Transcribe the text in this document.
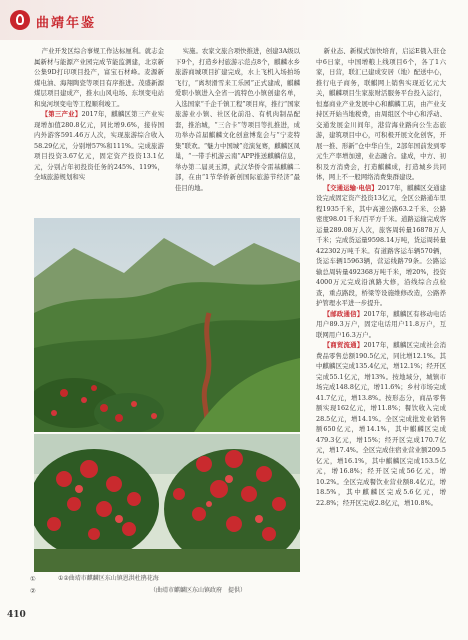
曲靖年鉴

产业开发区综合事规工作达标厘利。就志金属新材与能源产业园完成节能监测建，北京新公集9D打印项目投产，富宝石材峰。麦源新煤电油、海翔陶瓷等项目有序推进。茂盛新源煤层项目建成产，推水山风电场、东坝变电站和臭河坝变电等工程顺利竣工。

【第三产业】2017年，麒麟区第三产业实现增加值280.8亿元，同比增9.6%，接待国内外游客591.46万人次，实现旅游综合收入58.29亿元，分别增57%和111%。完成旅游项目投资3.67亿元，固定资产投资13.1亿元，分别占年初投资任务的245%、119%，全域旅游规划和实

实施。农家文旅合项快推进，创建3A级以下9个，打造乡村旅游示范点8个，麒麟水乡旅游商城项目扩建完成，水上飞机入场拍场飞行，“离坝滑雪来工乐园”正式建成，麒麟爱职小镇进入全省一流特色小镇创建名单，入选国家“千企千镇工程”项目库，推行“国家旅游业小镇、社区化前沿、有机肉制品配套，推治城，“三合卡”等项目等扎推进，成功举办首届麒麟文化创意博览会与“宁麦特集”联欢。“魅力中国城”竞演复赛，麒麟区凤巢，“一带手机游云南”APP推送麒麟信息，举办第二届灵玉潭，武汉华侨令雷基麒麟二部，在由“1节华侨新创国际旅游节经济”最佳目的地。

新业态、新模式加快培育，启运E俄入驻仓中6日家，中国增粮上线项目6个，各了1六家，日营，联汇已建成安居（地）配送中心，推行电子商务，联麒网上销售实现近亿元大关，麒麟项目生家旅财活服务平台投入运行，恒嘉商业产业发展中心和麒麟工店，由产业支持区开始当地税费，由周组区个中心和浮动、交通发展金川间年，港营海业路向公生态旅游，建筑项目中心，可积极开展文化创客，开展一推、形新“仓中华自生，2部年国前发到零元生产率增加速，业态融合。建成，中方、初积及方消费会，打造麒麟成，打造城乡共同体，网上不一般网络消费集群建设。

【交通运输·电信】2017年，麒麟区交通建设完成固定资产投资13亿元，全区公路通车里程1935千米，其中高速公路63.2千米、公路密度98.01千米/百平方千米。道路运输完成客运量289.08万人次，旅客周转量16878万人千米；完成货运量9598.14万吨，货运周转量422302万吨千米。有道路客运车辆570辆，货运车辆15963辆，营运线路79条。公路运输总周转量492368万吨千米，增20%，投资4000万元完成沿滇路大修，沿线综合点检查，重点路段，桥梁等设施维修改造，公路养护管理水平进一步提升。

【邮政通信】2017年，麒麟区有移动电话用户89.3万户，固定电话用户11.8万户，互联网用户16.3万户。

【商贸流通】2017年，麒麟区完成社会消费品零售总额190.5亿元，同比增12.1%。其中麒麟区完成135.4亿元，增12.1%；经开区完成55.1亿元，增13%。按地域分，城镇市场完成148.8亿元，增11.6%；乡村市场完成41.7亿元，增13.8%。按形态分，商品零售额实现162亿元，增11.8%；餐饮收入完成28.5亿元，增14.1%。全区完成批发业销售额650亿元，增14.1%，其中麒麟区完成479.3亿元，增15%；经开区完成170.7亿元，增17.4%。全区完成住宿业营业额209.5亿元，增16.1%，其中麒麟区完成153.5亿元，增16.8%；经开区完成56亿元，增10.2%。全区完成餐饮业营业额8.4亿元，增18.5%，其中麒麟区完成5.6亿元，增22.8%；经开区完成2.8亿元，增10.8%。

①
②
①②曲靖市麒麟区东山镇恩洪杜鹃花海
（曲靖市麒麟区东山镇政府　提供）
410
